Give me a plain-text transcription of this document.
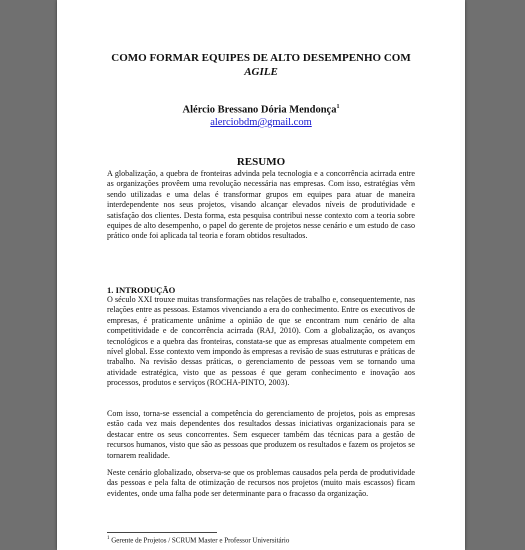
COMO FORMAR EQUIPES DE ALTO DESEMPENHO COM
AGILE
Alércio Bressano Dória Mendonça$^1$
alerciobdm@gmail.com
RESUMO

A globalização, a quebra de fronteiras advinda pela tecnologia e a concorrência acirrada entre as organizações provêem uma revolução necessária nas empresas. Com isso, estratégias vêm sendo utilizadas e uma delas é transformar grupos em equipes para atuar de maneira interdependente nos seus projetos, visando alcançar elevados níveis de produtividade e satisfação dos clientes. Desta forma, esta pesquisa contribui nesse contexto com a teoria sobre equipes de alto desempenho, o papel do gerente de projetos nesse cenário e um estudo de caso prático onde foi aplicada tal teoria e foram obtidos resultados.

1. INTRODUÇÃO

O século XXI trouxe muitas transformações nas relações de trabalho e, consequentemente, nas relações entre as pessoas. Estamos vivenciando a era do conhecimento. Entre os executivos de empresas, é praticamente unânime a opinião de que se encontram num cenário de alta competitividade e de concorrência acirrada (RAJ, 2010). Com a globalização, os avanços tecnológicos e a quebra das fronteiras, constata-se que as empresas atualmente competem em nível global. Esse contexto vem impondo às empresas a revisão de suas estruturas e práticas de trabalho. Na revisão dessas práticas, o gerenciamento de pessoas vem se tornando uma atividade estratégica, visto que as pessoas é que geram conhecimento e inovação aos processos, produtos e serviços (ROCHA-PINTO, 2003).

Com isso, torna-se essencial a competência do gerenciamento de projetos, pois as empresas estão cada vez mais dependentes dos resultados dessas iniciativas organizacionais para se destacar entre os seus concorrentes. Sem esquecer também das técnicas para a gestão de recursos humanos, visto que são as pessoas que produzem os resultados e fazem os projetos se tornarem realidade.

Neste cenário globalizado, observa-se que os problemas causados pela perda de produtividade das pessoas e pela falta de otimização de recursos nos projetos (muito mais escassos) ficam evidentes, onde uma falha pode ser determinante para o fracasso da organização.

$^1$ Gerente de Projetos / SCRUM Master e Professor Universitário
